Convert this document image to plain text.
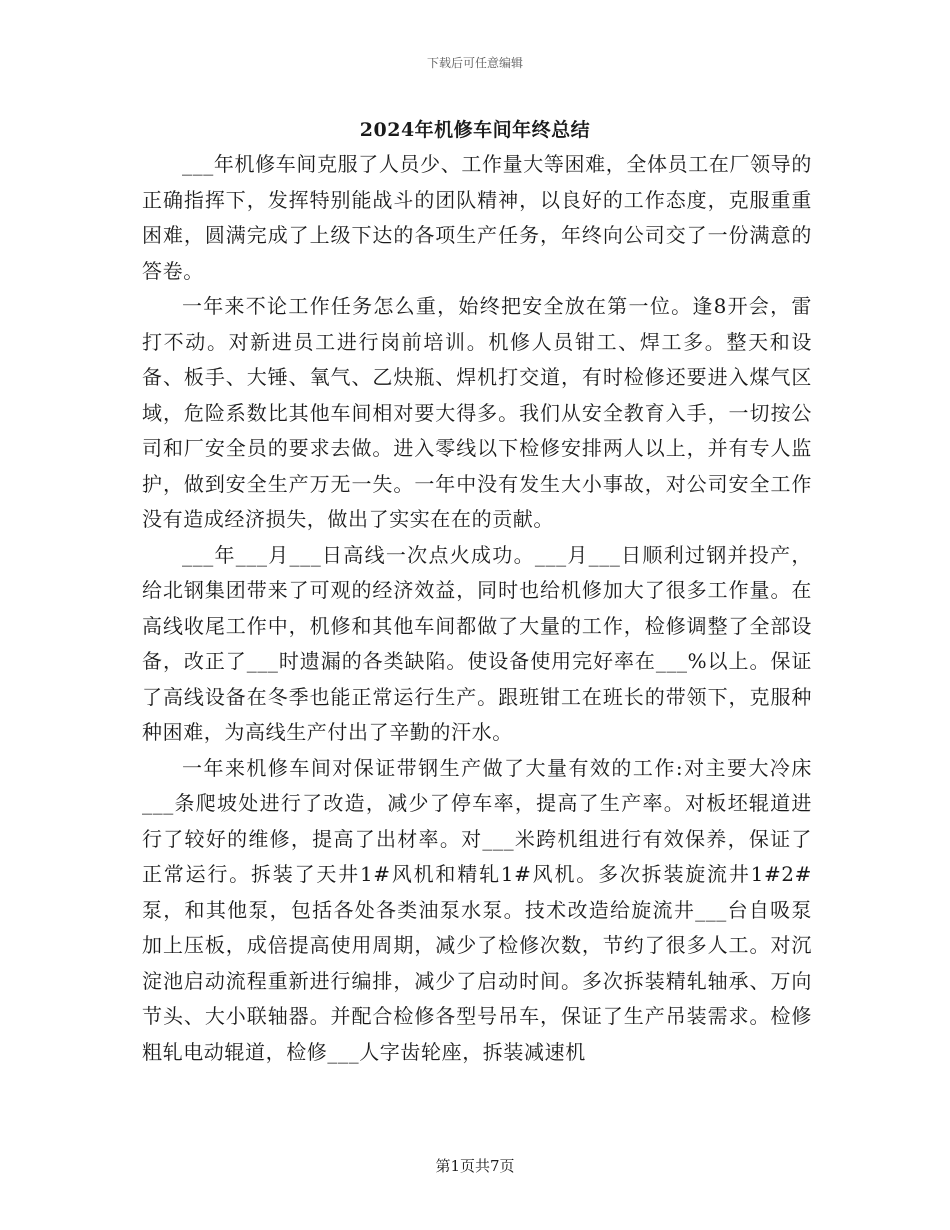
下载后可任意编辑
2024年机修车间年终总结

___年机修车间克服了人员少、工作量大等困难，全体员工在厂领导的正确指挥下，发挥特别能战斗的团队精神，以良好的工作态度，克服重重困难，圆满完成了上级下达的各项生产任务，年终向公司交了一份满意的答卷。

一年来不论工作任务怎么重，始终把安全放在第一位。逢8开会，雷打不动。对新进员工进行岗前培训。机修人员钳工、焊工多。整天和设备、板手、大锤、氧气、乙炔瓶、焊机打交道，有时检修还要进入煤气区域，危险系数比其他车间相对要大得多。我们从安全教育入手，一切按公司和厂安全员的要求去做。进入零线以下检修安排两人以上，并有专人监护，做到安全生产万无一失。一年中没有发生大小事故，对公司安全工作没有造成经济损失，做出了实实在在的贡献。

___年___月___日高线一次点火成功。___月___日顺利过钢并投产，给北钢集团带来了可观的经济效益，同时也给机修加大了很多工作量。在高线收尾工作中，机修和其他车间都做了大量的工作，检修调整了全部设备，改正了___时遗漏的各类缺陷。使设备使用完好率在___%以上。保证了高线设备在冬季也能正常运行生产。跟班钳工在班长的带领下，克服种种困难，为高线生产付出了辛勤的汗水。

一年来机修车间对保证带钢生产做了大量有效的工作:对主要大冷床___条爬坡处进行了改造，减少了停车率，提高了生产率。对板坯辊道进行了较好的维修，提高了出材率。对___米跨机组进行有效保养，保证了正常运行。拆装了天井1#风机和精轧1#风机。多次拆装旋流井1#2#泵，和其他泵，包括各处各类油泵水泵。技术改造给旋流井___台自吸泵加上压板，成倍提高使用周期，减少了检修次数，节约了很多人工。对沉淀池启动流程重新进行编排，减少了启动时间。多次拆装精轧轴承、万向节头、大小联轴器。并配合检修各型号吊车，保证了生产吊装需求。检修粗轧电动辊道，检修___人字齿轮座，拆装减速机

第1页共7页
